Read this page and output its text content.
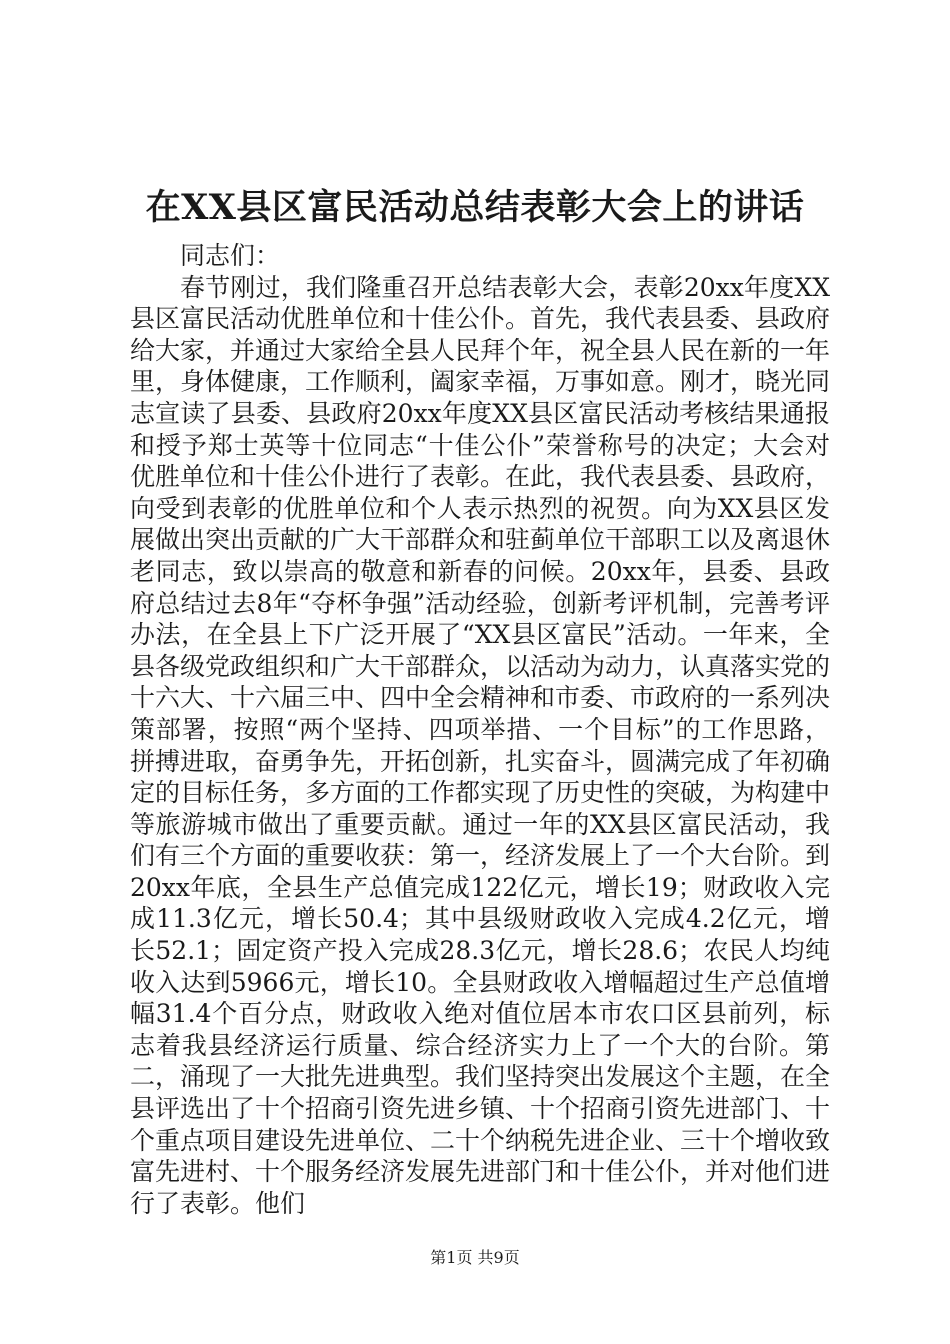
在XX县区富民活动总结表彰大会上的讲话

同志们：

春节刚过，我们隆重召开总结表彰大会，表彰20xx年度XX县区富民活动优胜单位和十佳公仆。首先，我代表县委、县政府给大家，并通过大家给全县人民拜个年，祝全县人民在新的一年里，身体健康，工作顺利，阖家幸福，万事如意。刚才，晓光同志宣读了县委、县政府20xx年度XX县区富民活动考核结果通报和授予郑士英等十位同志“十佳公仆”荣誉称号的决定；大会对优胜单位和十佳公仆进行了表彰。在此，我代表县委、县政府，向受到表彰的优胜单位和个人表示热烈的祝贺。向为XX县区发展做出突出贡献的广大干部群众和驻蓟单位干部职工以及离退休老同志，致以崇高的敬意和新春的问候。20xx年，县委、县政府总结过去8年“夺杯争强”活动经验，创新考评机制，完善考评办法，在全县上下广泛开展了“XX县区富民”活动。一年来，全县各级党政组织和广大干部群众，以活动为动力，认真落实党的十六大、十六届三中、四中全会精神和市委、市政府的一系列决策部署，按照“两个坚持、四项举措、一个目标”的工作思路，拼搏进取，奋勇争先，开拓创新，扎实奋斗，圆满完成了年初确定的目标任务，多方面的工作都实现了历史性的突破，为构建中等旅游城市做出了重要贡献。通过一年的XX县区富民活动，我们有三个方面的重要收获：第一，经济发展上了一个大台阶。到20xx年底，全县生产总值完成122亿元，增长19；财政收入完成11.3亿元，增长50.4；其中县级财政收入完成4.2亿元，增长52.1；固定资产投入完成28.3亿元，增长28.6；农民人均纯收入达到5966元，增长10。全县财政收入增幅超过生产总值增幅31.4个百分点，财政收入绝对值位居本市农口区县前列，标志着我县经济运行质量、综合经济实力上了一个大的台阶。第二，涌现了一大批先进典型。我们坚持突出发展这个主题，在全县评选出了十个招商引资先进乡镇、十个招商引资先进部门、十个重点项目建设先进单位、二十个纳税先进企业、三十个增收致富先进村、十个服务经济发展先进部门和十佳公仆，并对他们进行了表彰。他们

第1页 共9页
